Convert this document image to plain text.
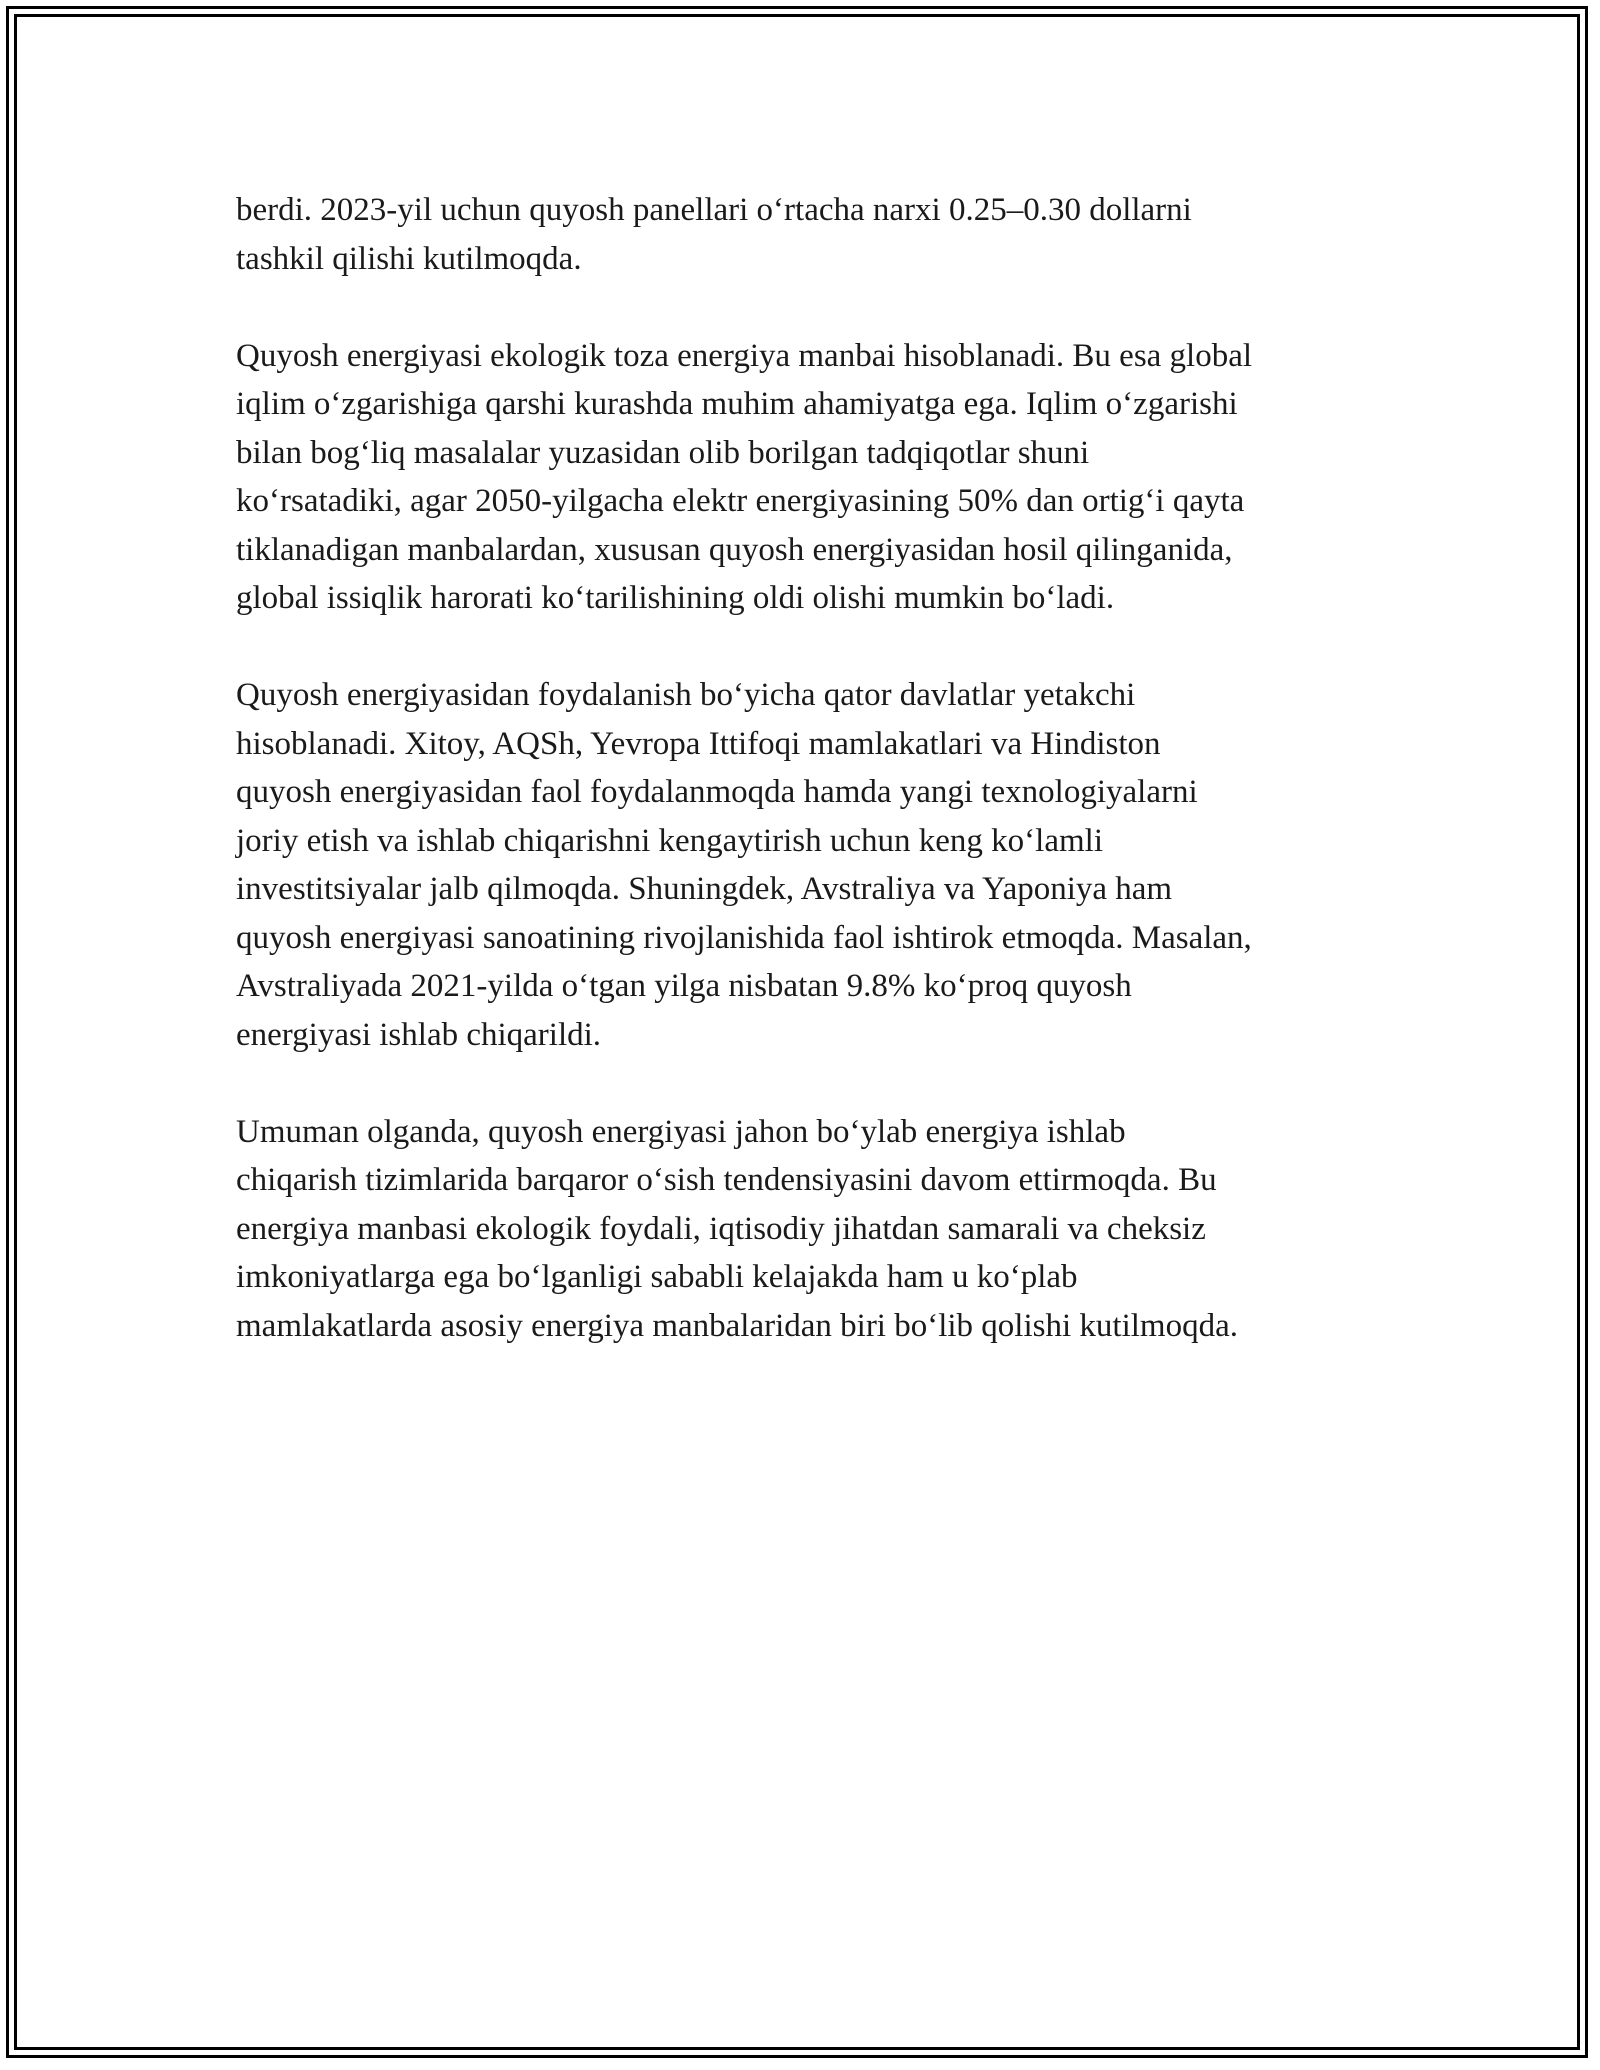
berdi. 2023-yil uchun quyosh panellari o‘rtacha narxi 0.25–0.30 dollarni
tashkil qilishi kutilmoqda.

Quyosh energiyasi ekologik toza energiya manbai hisoblanadi. Bu esa global
iqlim o‘zgarishiga qarshi kurashda muhim ahamiyatga ega. Iqlim o‘zgarishi
bilan bog‘liq masalalar yuzasidan olib borilgan tadqiqotlar shuni
ko‘rsatadiki, agar 2050-yilgacha elektr energiyasining 50% dan ortig‘i qayta
tiklanadigan manbalardan, xususan quyosh energiyasidan hosil qilinganida,
global issiqlik harorati ko‘tarilishining oldi olishi mumkin bo‘ladi.

Quyosh energiyasidan foydalanish bo‘yicha qator davlatlar yetakchi
hisoblanadi. Xitoy, AQSh, Yevropa Ittifoqi mamlakatlari va Hindiston
quyosh energiyasidan faol foydalanmoqda hamda yangi texnologiyalarni
joriy etish va ishlab chiqarishni kengaytirish uchun keng ko‘lamli
investitsiyalar jalb qilmoqda. Shuningdek, Avstraliya va Yaponiya ham
quyosh energiyasi sanoatining rivojlanishida faol ishtirok etmoqda. Masalan,
Avstraliyada 2021-yilda o‘tgan yilga nisbatan 9.8% ko‘proq quyosh
energiyasi ishlab chiqarildi.

Umuman olganda, quyosh energiyasi jahon bo‘ylab energiya ishlab
chiqarish tizimlarida barqaror o‘sish tendensiyasini davom ettirmoqda. Bu
energiya manbasi ekologik foydali, iqtisodiy jihatdan samarali va cheksiz
imkoniyatlarga ega bo‘lganligi sababli kelajakda ham u ko‘plab
mamlakatlarda asosiy energiya manbalaridan biri bo‘lib qolishi kutilmoqda.
